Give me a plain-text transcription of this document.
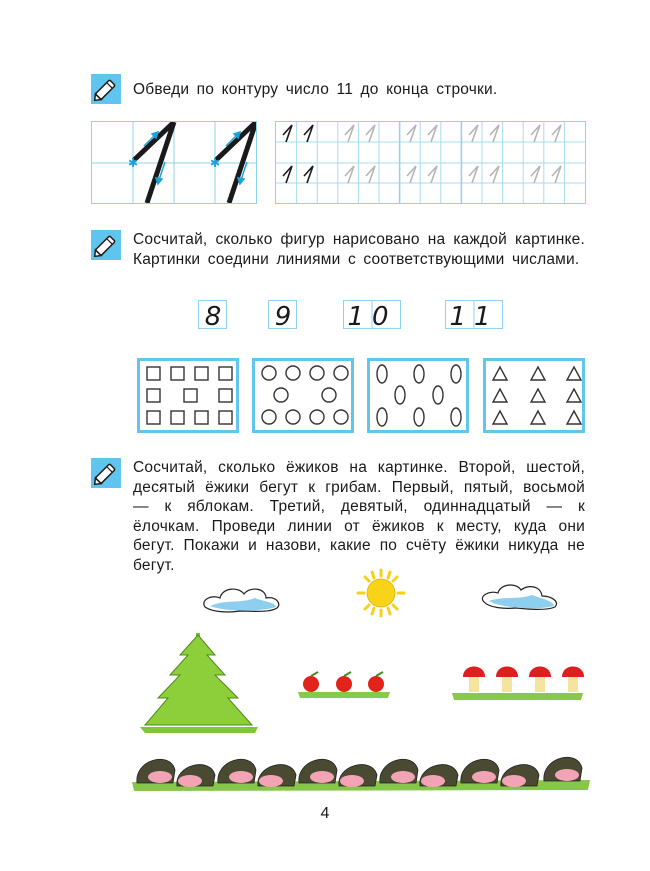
Обведи по контуру число 11 до конца строчки.
✱	✱
Сосчитай, сколько фигур нарисовано на каждой картинке. Картинки соедини линиями с соответствующими числами.
8 9 10 11
Сосчитай, сколько ёжиков на картинке. Второй, шестой, десятый ёжики бегут к грибам. Первый, пятый, восьмой — к яблокам. Третий, девятый, одиннадцатый — к ёлочкам. Проведи линии от ёжиков к месту, куда они бегут. Покажи и назови, какие по счёту ёжики никуда не бегут.
4
